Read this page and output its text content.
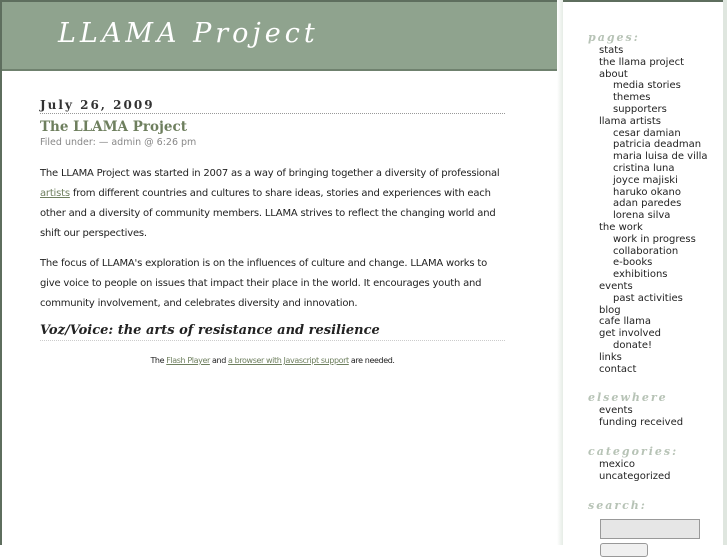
LLAMA Project
July 26, 2009
The LLAMA Project
Filed under: — admin @ 6:26 pm

The LLAMA Project was started in 2007 as a way of bringing together a diversity of professional artists from different countries and cultures to share ideas, stories and experiences with each other and a diversity of community members. LLAMA strives to reflect the changing world and shift our perspectives.

The focus of LLAMA's exploration is on the influences of culture and change. LLAMA works to give voice to people on issues that impact their place in the world. It encourages youth and community involvement, and celebrates diversity and innovation.

Voz/Voice: the arts of resistance and resilience
The Flash Player and a browser with Javascript support are needed.
pages:
stats
the llama project
about
media stories
themes
supporters
llama artists
cesar damian
patricia deadman
maria luisa de villa
cristina luna
joyce majiski
haruko okano
adan paredes
lorena silva
the work
work in progress
collaboration
e-books
exhibitions
events
past activities
blog
cafe llama
get involved
donate!
links
contact
elsewhere
events
funding received
categories:
mexico
uncategorized
search:
